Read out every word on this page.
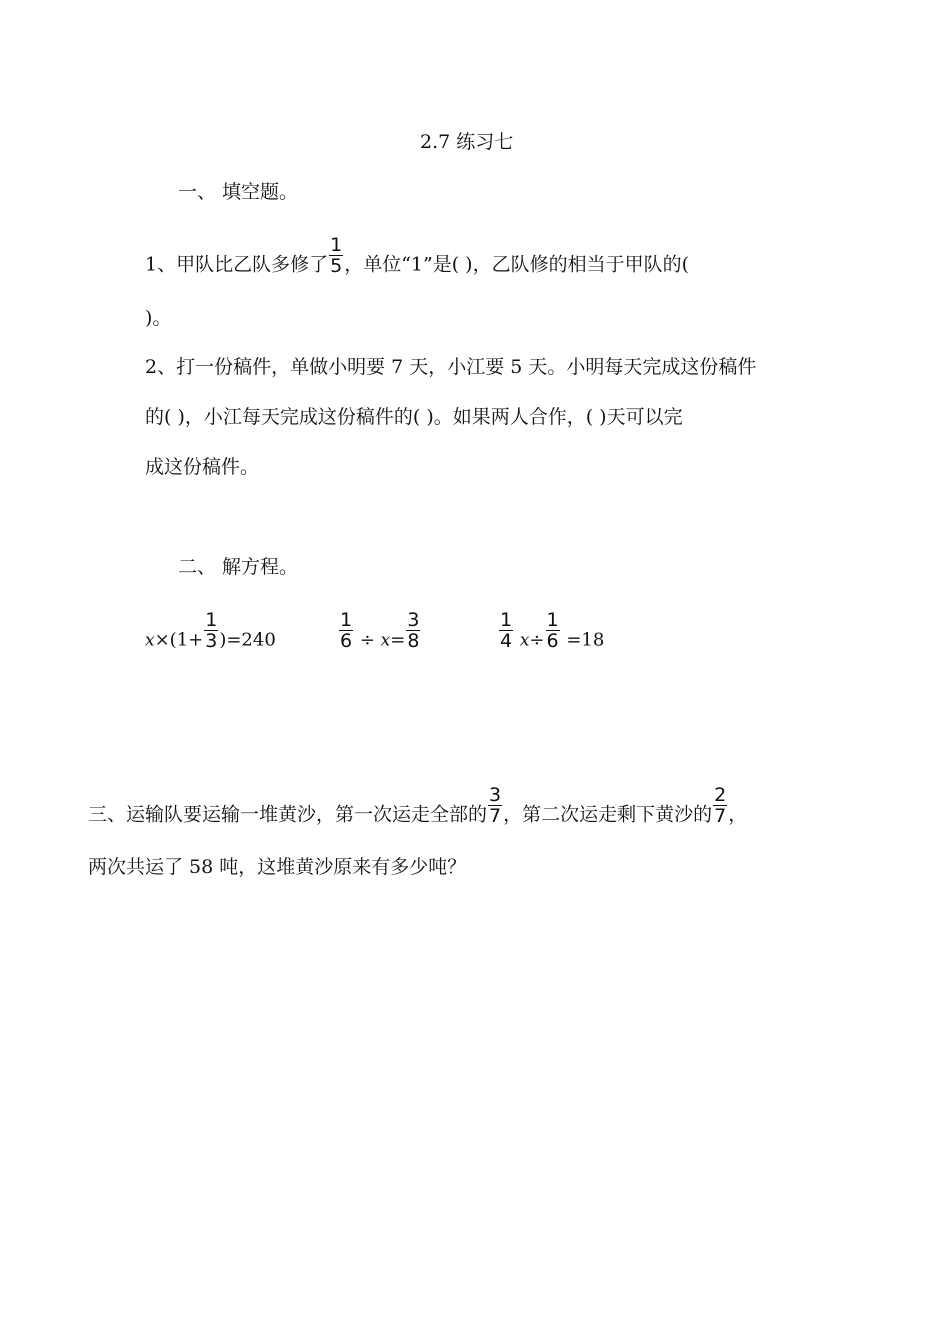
2.7 练习七
一、 填空题。
1、甲队比乙队多修了 $\frac{1}{5}$ ，单位“1”是( )，乙队修的相当于甲队的(
)。
2、打一份稿件，单做小明要 7 天，小江要 5 天。小明每天完成这份稿件
的( )，小江每天完成这份稿件的( )。如果两人合作，( )天可以完
成这份稿件。
二、 解方程。
$x\times(1+ \frac{1}{3} )=240$	$\frac{1}{6} \div x= \frac{3}{8}$	$\frac{1}{4} x\div \frac{1}{6} =18$
三、运输队要运输一堆黄沙，第一次运走全部的 $\frac{3}{7}$ ，第二次运走剩下黄沙的 $\frac{2}{7}$ ，
两次共运了 58 吨，这堆黄沙原来有多少吨？
